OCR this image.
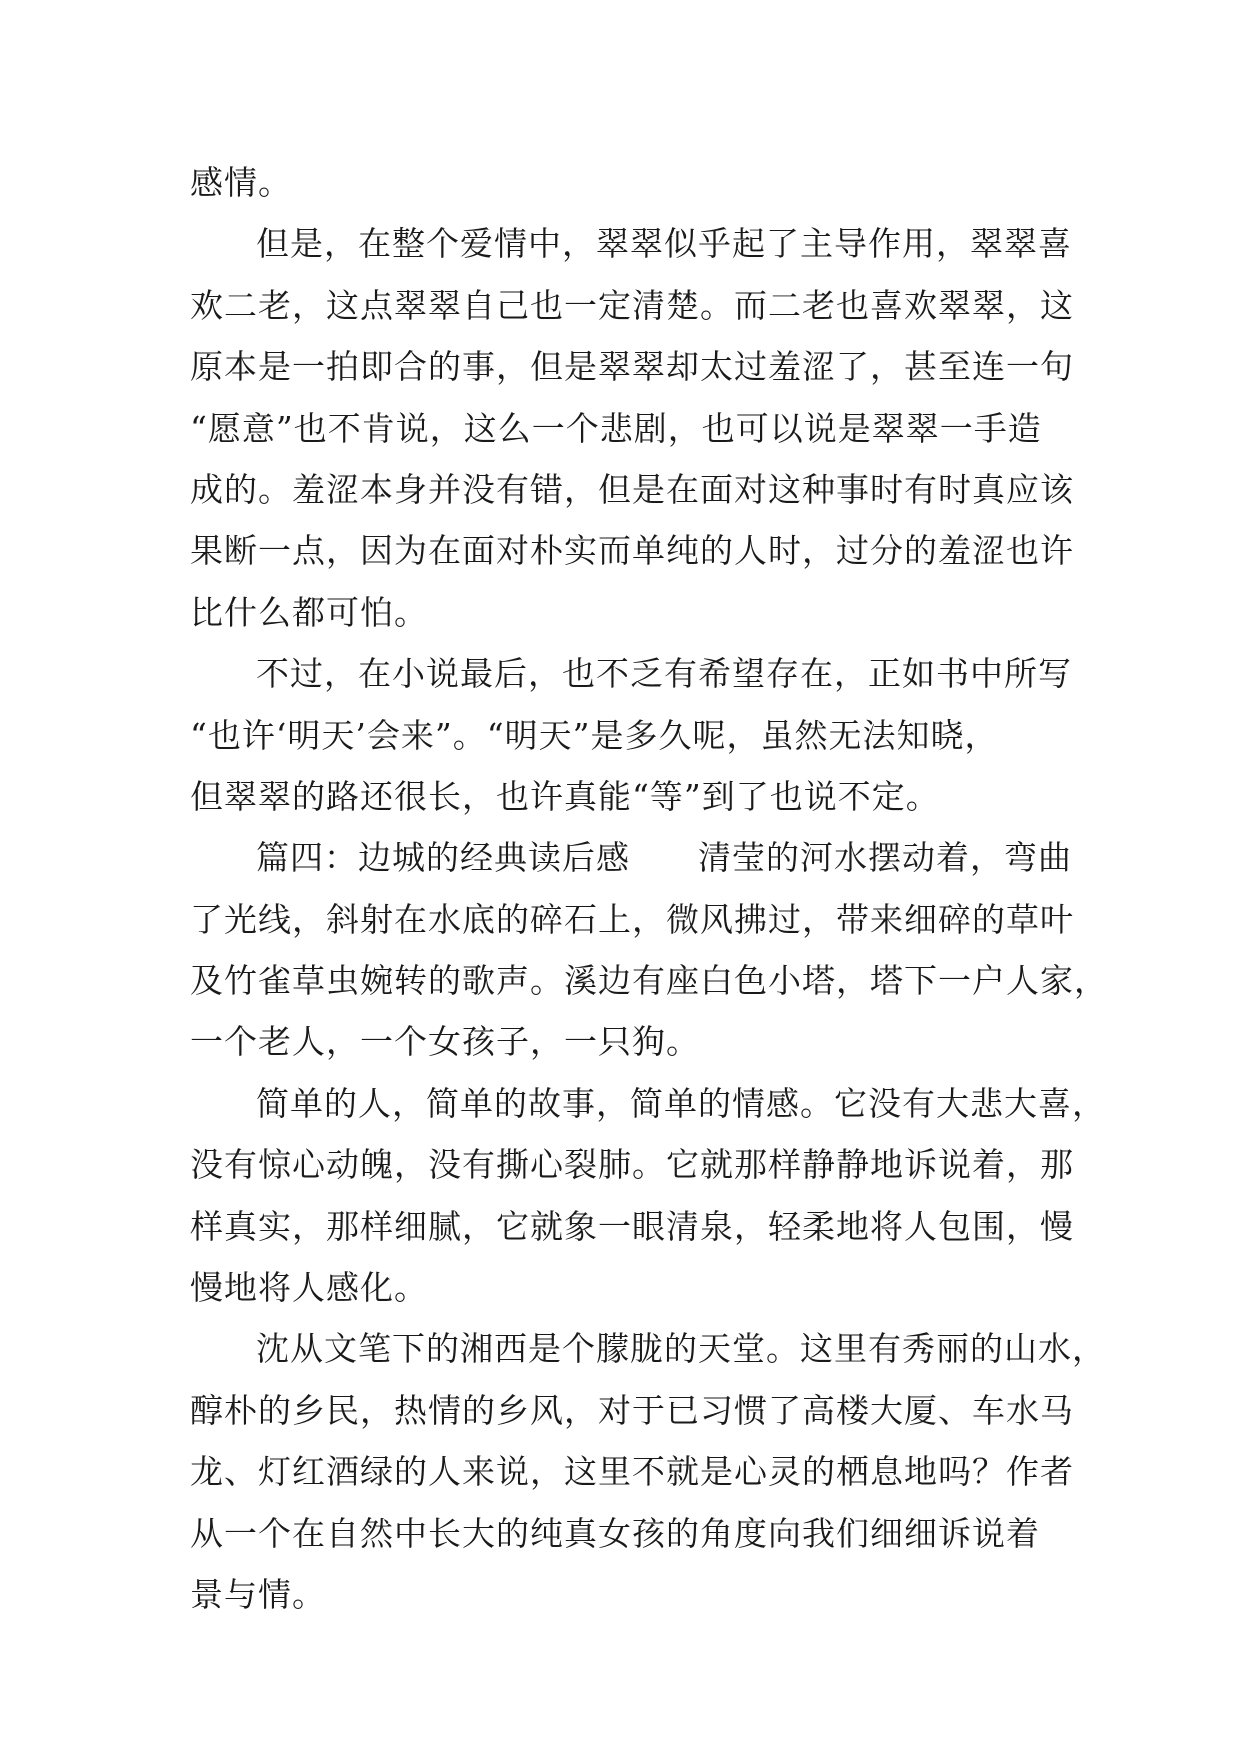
感情。
但是，在整个爱情中，翠翠似乎起了主导作用，翠翠喜
欢二老，这点翠翠自己也一定清楚。而二老也喜欢翠翠，这
原本是一拍即合的事，但是翠翠却太过羞涩了，甚至连一句
“愿意”也不肯说，这么一个悲剧，也可以说是翠翠一手造
成的。羞涩本身并没有错，但是在面对这种事时有时真应该
果断一点，因为在面对朴实而单纯的人时，过分的羞涩也许
比什么都可怕。
不过，在小说最后，也不乏有希望存在，正如书中所写
“也许‘明天’会来”。“明天”是多久呢，虽然无法知晓，
但翠翠的路还很长，也许真能“等”到了也说不定。
篇四：边城的经典读后感　　清莹的河水摆动着，弯曲
了光线，斜射在水底的碎石上，微风拂过，带来细碎的草叶
及竹雀草虫婉转的歌声。溪边有座白色小塔，塔下一户人家，
一个老人，一个女孩子，一只狗。
简单的人，简单的故事，简单的情感。它没有大悲大喜，
没有惊心动魄，没有撕心裂肺。它就那样静静地诉说着，那
样真实，那样细腻，它就象一眼清泉，轻柔地将人包围，慢
慢地将人感化。
沈从文笔下的湘西是个朦胧的天堂。这里有秀丽的山水，
醇朴的乡民，热情的乡风，对于已习惯了高楼大厦、车水马
龙、灯红酒绿的人来说，这里不就是心灵的栖息地吗？作者
从一个在自然中长大的纯真女孩的角度向我们细细诉说着
景与情。
